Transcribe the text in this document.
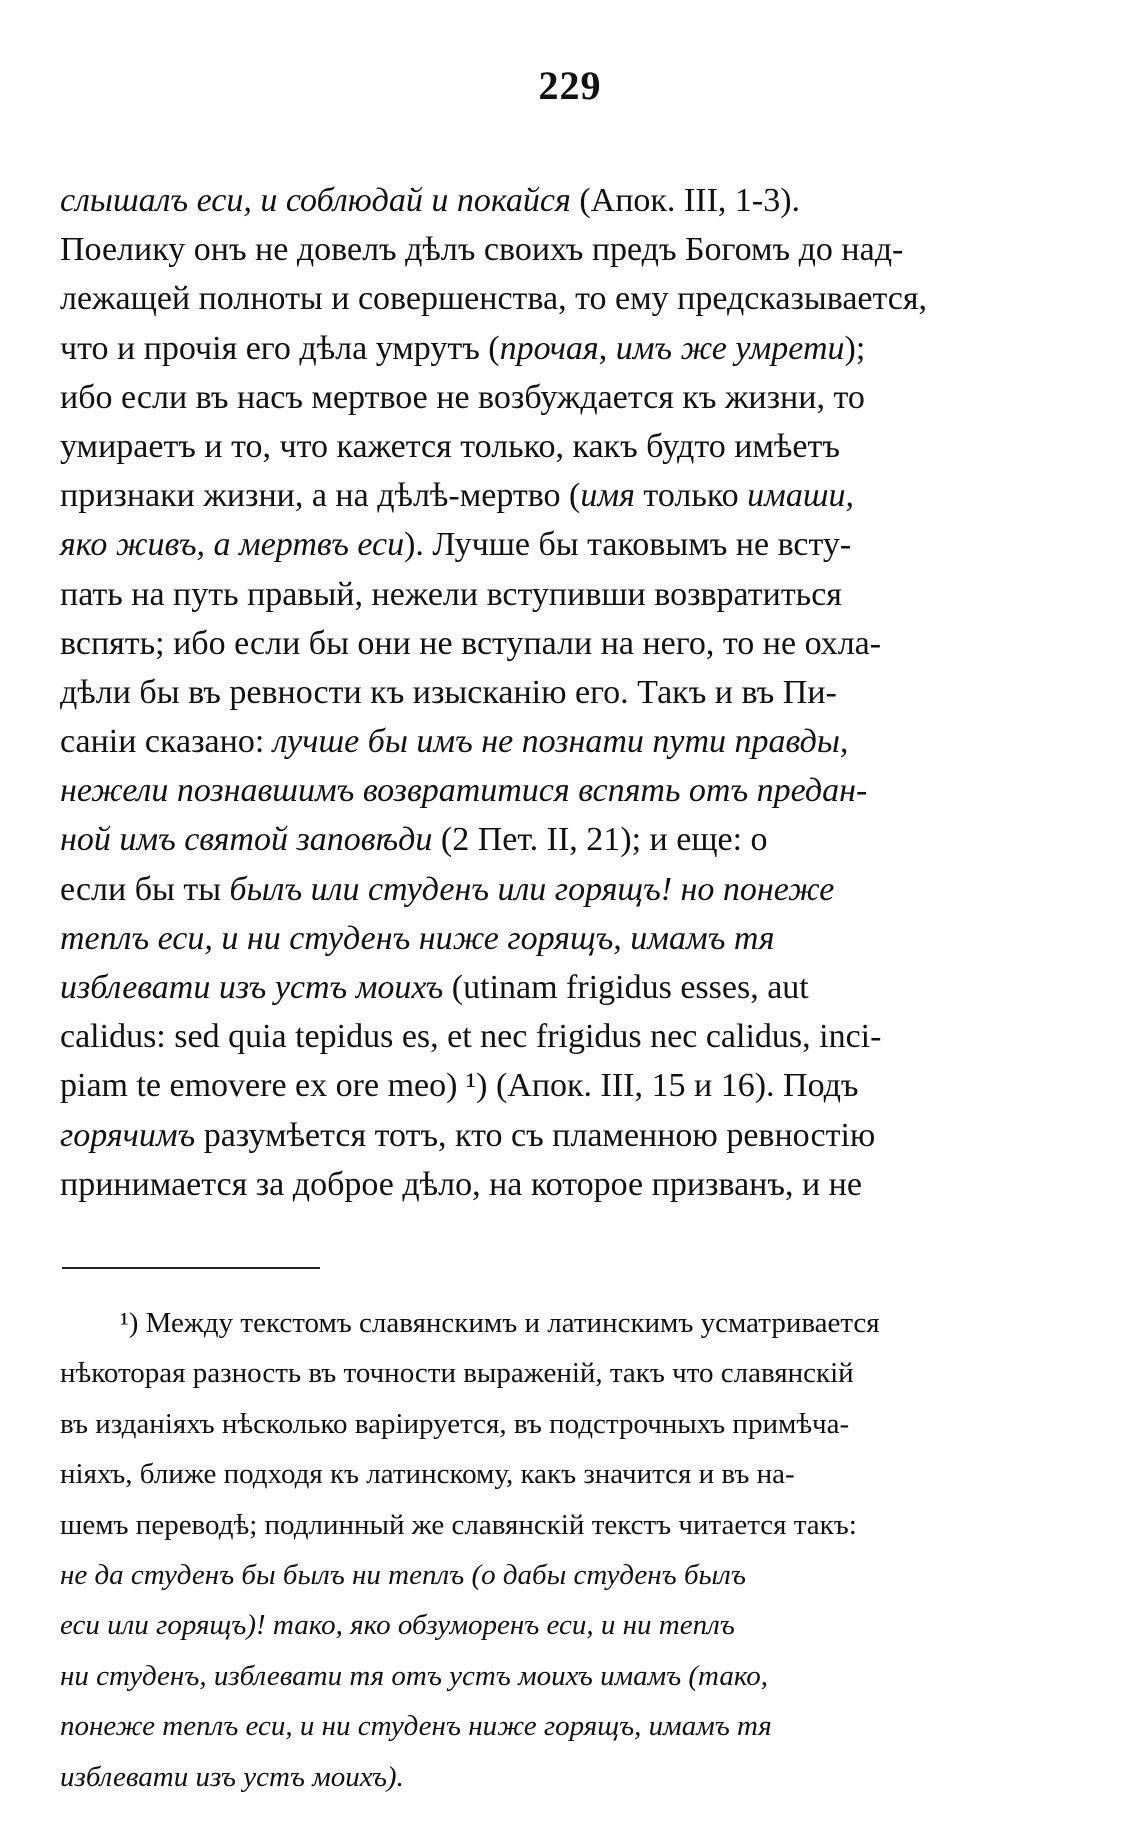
229
слышалъ еси, и соблюдай и покайся (Апок. III, 1-3).
Поелику онъ не довелъ дѣлъ своихъ предъ Богомъ до над-
лежащей полноты и совершенства, то ему предсказывается,
что и прочія его дѣла умрутъ (прочая, имъ же умрети);
ибо если въ насъ мертвое не возбуждается къ жизни, то
умираетъ и то, что кажется только, какъ будто имѣетъ
признаки жизни, а на дѣлѣ-мертво (имя только имаши,
яко живъ, а мертвъ еси). Лучше бы таковымъ не всту-
пать на путь правый, нежели вступивши возвратиться
вспять; ибо если бы они не вступали на него, то не охла-
дѣли бы въ ревности къ изысканію его. Такъ и въ Пи-
саніи сказано: лучше бы имъ не познати пути правды,
нежели познавшимъ возвратитися вспять отъ предан-
ной имъ святой заповѣди (2 Пет. II, 21); и еще: о
если бы ты былъ или студенъ или горящъ! но понеже
теплъ еси, и ни студенъ ниже горящъ, имамъ тя
изблевати изъ устъ моихъ (utinam frigidus esses, aut
calidus: sed quia tepidus es, et nec frigidus nec calidus, inci-
piam te emovere ex ore meo) ¹) (Апок. III, 15 и 16). Подъ
горячимъ разумѣется тотъ, кто съ пламенною ревностію
принимается за доброе дѣло, на которое призванъ, и не
¹) Между текстомъ славянскимъ и латинскимъ усматривается
нѣкоторая разность въ точности выраженій, такъ что славянскій
въ изданіяхъ нѣсколько варіируется, въ подстрочныхъ примѣча-
ніяхъ, ближе подходя къ латинскому, какъ значится и въ на-
шемъ переводѣ; подлинный же славянскій текстъ читается такъ:
не да студенъ бы былъ ни теплъ (о дабы студенъ былъ
еси или горящъ)! тако, яко обзуморенъ еси, и ни теплъ
ни студенъ, изблевати тя отъ устъ моихъ имамъ (тако,
понеже теплъ еси, и ни студенъ ниже горящъ, имамъ тя
изблевати изъ устъ моихъ).
